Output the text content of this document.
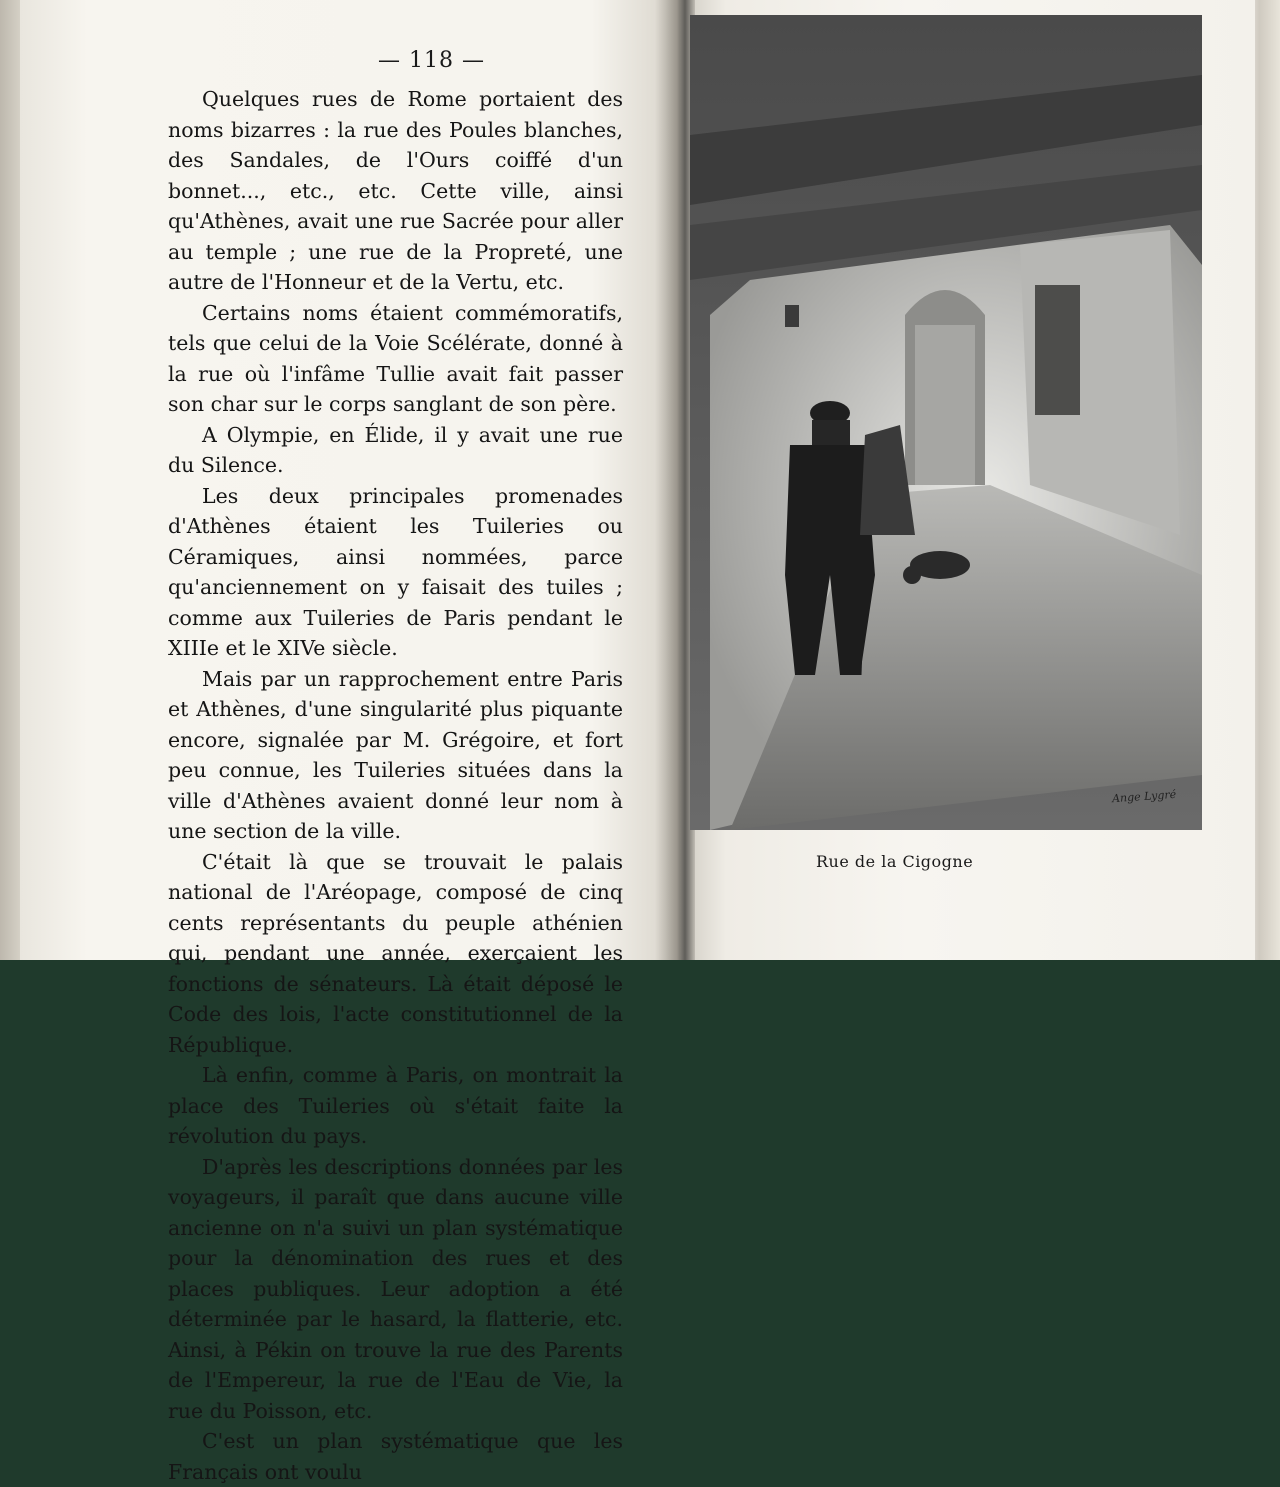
— 118 —

Quelques rues de Rome portaient des noms bizarres : la rue des Poules blanches, des Sandales, de l'Ours coiffé d'un bonnet..., etc., etc. Cette ville, ainsi qu'Athènes, avait une rue Sacrée pour aller au temple ; une rue de la Propreté, une autre de l'Honneur et de la Vertu, etc.

Certains noms étaient commémoratifs, tels que celui de la Voie Scélérate, donné à la rue où l'infâme Tullie avait fait passer son char sur le corps sanglant de son père.

A Olympie, en Élide, il y avait une rue du Silence.

Les deux principales promenades d'Athènes étaient les Tuileries ou Céramiques, ainsi nommées, parce qu'anciennement on y faisait des tuiles ; comme aux Tuileries de Paris pendant le XIIIe et le XIVe siècle.

Mais par un rapprochement entre Paris et Athènes, d'une singularité plus piquante encore, signalée par M. Grégoire, et fort peu connue, les Tuileries situées dans la ville d'Athènes avaient donné leur nom à une section de la ville.

C'était là que se trouvait le palais national de l'Aréopage, composé de cinq cents représentants du peuple athénien qui, pendant une année, exerçaient les fonctions de sénateurs. Là était déposé le Code des lois, l'acte constitutionnel de la République.

Là enfin, comme à Paris, on montrait la place des Tuileries où s'était faite la révolution du pays.

D'après les descriptions données par les voyageurs, il paraît que dans aucune ville ancienne on n'a suivi un plan systématique pour la dénomination des rues et des places publiques. Leur adoption a été déterminée par le hasard, la flatterie, etc. Ainsi, à Pékin on trouve la rue des Parents de l'Empereur, la rue de l'Eau de Vie, la rue du Poisson, etc.

C'est un plan systématique que les Français ont voulu

Ange Lygré
Rue de la Cigogne
